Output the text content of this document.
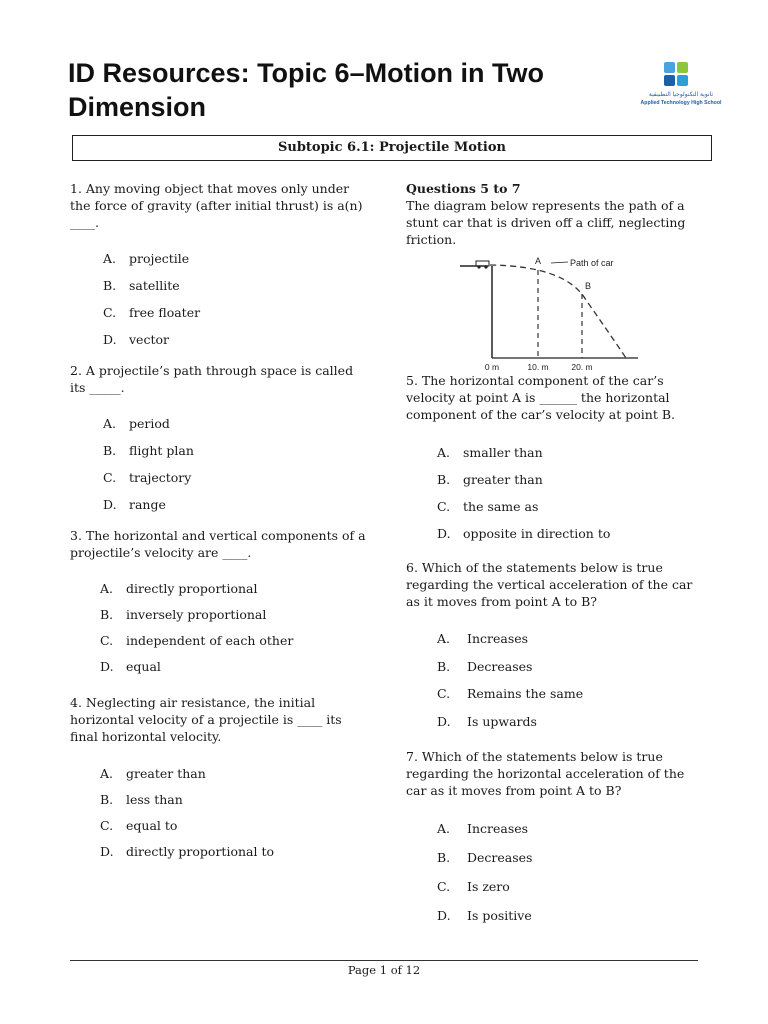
ID Resources: Topic 6–Motion in Two Dimension	ثانوية التكنولوجيا التطبيقية
Applied Technology High School
Subtopic 6.1: Projectile Motion

1. Any moving object that moves only under the force of gravity (after initial thrust) is a(n) ____.

A.	projectile
B.	satellite
C.	free floater
D. vector

2. A projectile’s path through space is called its _____.

A.	period
B.	flight plan
C.	trajectory
D. range

3. The horizontal and vertical components of a projectile’s velocity are ____.

A.	directly proportional
B.	inversely proportional
C.	independent of each other
D. equal

4. Neglecting air resistance, the initial horizontal velocity of a projectile is ____ its final horizontal velocity.

A.	greater than
B.	less than
C.	equal to
D. directly proportional to

Questions 5 to 7

The diagram below represents the path of a stunt car that is driven off a cliff, neglecting friction.

A
B
Path of car
0 m	10. m	20. m

5. The horizontal component of the car’s velocity at point A is ______ the horizontal component of the car’s velocity at point B.

A.	smaller than
B.	greater than
C.	the same as
D. opposite in direction to

6. Which of the statements below is true regarding the vertical acceleration of the car as it moves from point A to B?

A.	Increases
B.	Decreases
C.	Remains the same
D.	Is upwards

7. Which of the statements below is true regarding the horizontal acceleration of the car as it moves from point A to B?

A.	Increases
B.	Decreases
C.	Is zero
D.	Is positive
Page 1 of 12
